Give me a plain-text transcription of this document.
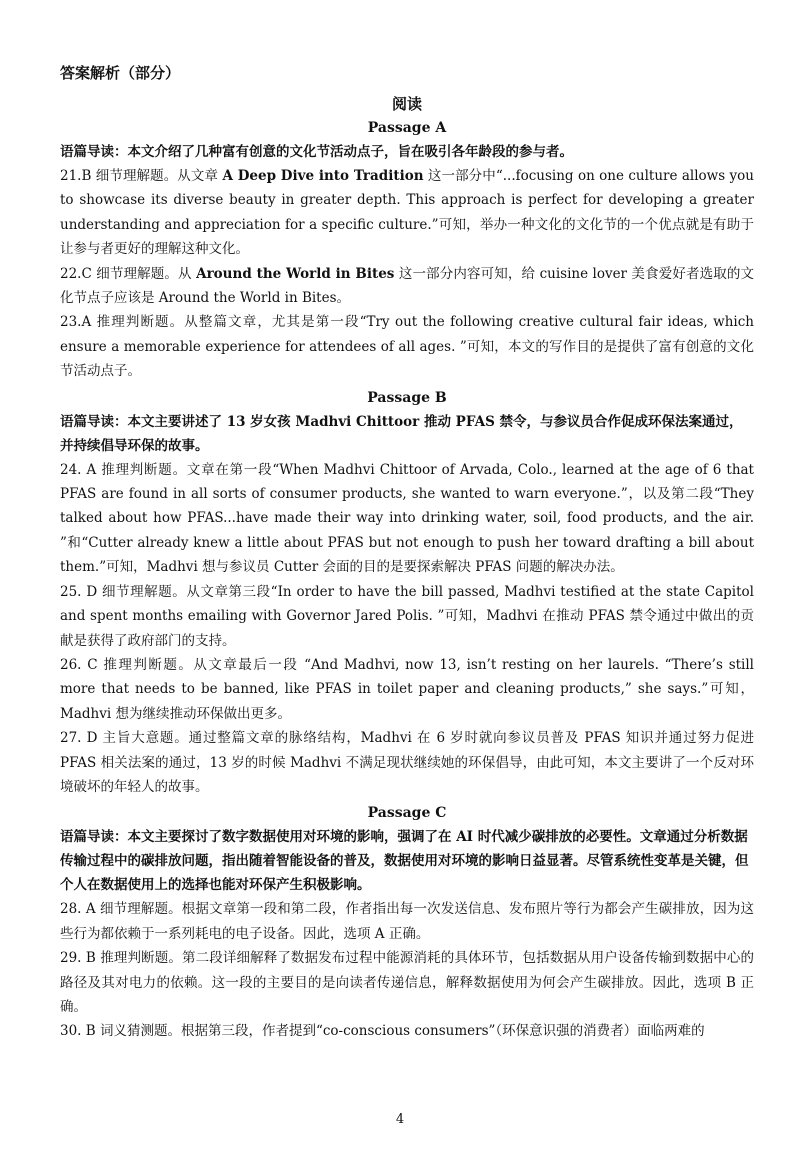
答案解析（部分）
阅读
Passage A

语篇导读：本文介绍了几种富有创意的文化节活动点子，旨在吸引各年龄段的参与者。

21.B 细节理解题。从文章 A Deep Dive into Tradition 这一部分中“...focusing on one culture allows you to showcase its diverse beauty in greater depth. This approach is perfect for developing a greater understanding and appreciation for a specific culture.”可知，举办一种文化的文化节的一个优点就是有助于让参与者更好的理解这种文化。

22.C 细节理解题。从 Around the World in Bites 这一部分内容可知，给 cuisine lover 美食爱好者选取的文化节点子应该是 Around the World in Bites。

23.A 推理判断题。从整篇文章，尤其是第一段“Try out the following creative cultural fair ideas, which ensure a memorable experience for attendees of all ages. ”可知，本文的写作目的是提供了富有创意的文化节活动点子。

Passage B

语篇导读：本文主要讲述了 13 岁女孩 Madhvi Chittoor 推动 PFAS 禁令，与参议员合作促成环保法案通过，并持续倡导环保的故事。

24. A 推理判断题。文章在第一段“When Madhvi Chittoor of Arvada, Colo., learned at the age of 6 that PFAS are found in all sorts of consumer products, she wanted to warn everyone.”，以及第二段“They talked about how PFAS...have made their way into drinking water, soil, food products, and the air. ”和“Cutter already knew a little about PFAS but not enough to push her toward drafting a bill about them.”可知，Madhvi 想与参议员 Cutter 会面的目的是要探索解决 PFAS 问题的解决办法。

25. D 细节理解题。从文章第三段“In order to have the bill passed, Madhvi testified at the state Capitol and spent months emailing with Governor Jared Polis. ”可知，Madhvi 在推动 PFAS 禁令通过中做出的贡献是获得了政府部门的支持。

26. C 推理判断题。从文章最后一段 “And Madhvi, now 13, isn’t resting on her laurels. “There’s still more that needs to be banned, like PFAS in toilet paper and cleaning products,” she says.”可知，Madhvi 想为继续推动环保做出更多。

27. D 主旨大意题。通过整篇文章的脉络结构，Madhvi 在 6 岁时就向参议员普及 PFAS 知识并通过努力促进 PFAS 相关法案的通过，13 岁的时候 Madhvi 不满足现状继续她的环保倡导，由此可知，本文主要讲了一个反对环境破坏的年轻人的故事。

Passage C

语篇导读：本文主要探讨了数字数据使用对环境的影响，强调了在 AI 时代减少碳排放的必要性。文章通过分析数据传输过程中的碳排放问题，指出随着智能设备的普及，数据使用对环境的影响日益显著。尽管系统性变革是关键，但个人在数据使用上的选择也能对环保产生积极影响。

28. A 细节理解题。根据文章第一段和第二段，作者指出每一次发送信息、发布照片等行为都会产生碳排放，因为这些行为都依赖于一系列耗电的电子设备。因此，选项 A 正确。

29. B 推理判断题。第二段详细解释了数据发布过程中能源消耗的具体环节，包括数据从用户设备传输到数据中心的路径及其对电力的依赖。这一段的主要目的是向读者传递信息，解释数据使用为何会产生碳排放。因此，选项 B 正确。

30. B 词义猜测题。根据第三段，作者提到“co-conscious consumers”（环保意识强的消费者）面临两难的

4
